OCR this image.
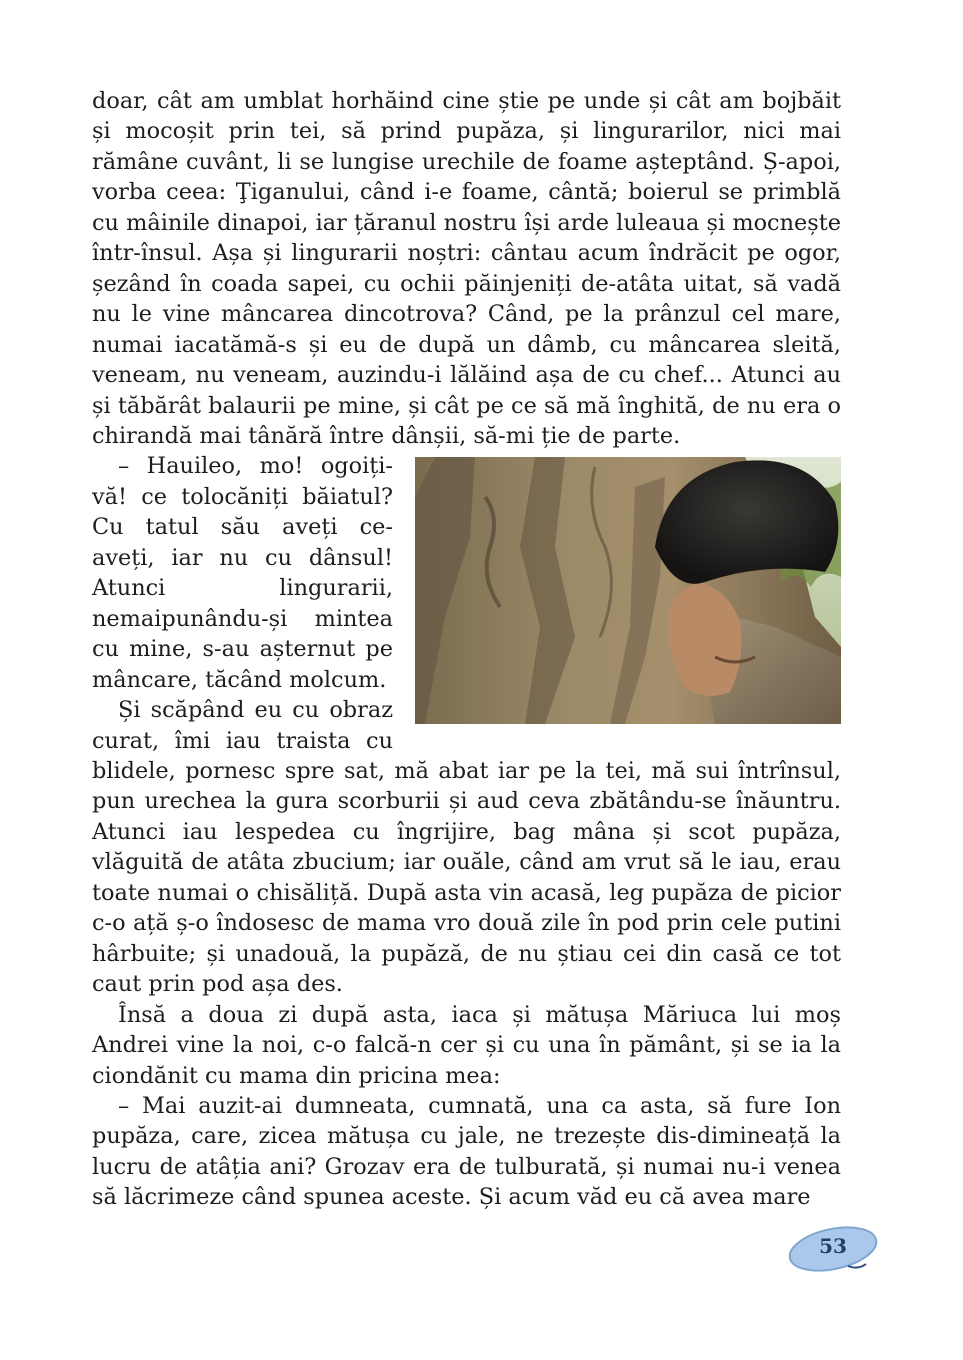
doar, cât am umblat horhăind cine știe pe unde și cât am bojbăit și mocoșit prin tei, să prind pupăza, și lingurarilor, nici mai rămâne cuvânt, li se lungise urechile de foame așteptând. Ș-apoi, vorba ceea: Ţiganului, când i-e foame, cântă; boierul se primblă cu mâinile dinapoi, iar țăranul nostru își arde luleaua și mocnește într-însul. Așa și lingurarii noștri: cântau acum îndrăcit pe ogor, șezând în coada sapei, cu ochii păinjeniți de-atâta uitat, să vadă nu le vine mâncarea dincotrova? Când, pe la prânzul cel mare, numai iacatămă-s și eu de după un dâmb, cu mâncarea sleită, veneam, nu veneam, auzindu-i lălăind așa de cu chef... Atunci au și tăbărât balaurii pe mine, și cât pe ce să mă înghită, de nu era o chirandă mai tânără între dânșii, să-mi ție de parte.

– Hauileo, mo! ogoiți-vă! ce tolocăniți băiatul? Cu tatul său aveți ce-aveți, iar nu cu dânsul! Atunci lingurarii, nemaipunându-și mintea cu mine, s-au așternut pe mâncare, tăcând molcum.

Și scăpând eu cu obraz curat, îmi iau traista cu blidele, pornesc spre sat, mă abat iar pe la tei, mă sui întrînsul, pun urechea la gura scorburii și aud ceva zbătându-se înăuntru. Atunci iau lespedea cu îngrijire, bag mâna și scot pupăza, vlăguită de atâta zbucium; iar ouăle, când am vrut să le iau, erau toate numai o chisăliță. După asta vin acasă, leg pupăza de picior c-o ață ș-o îndosesc de mama vro două zile în pod prin cele putini hârbuite; și unadouă, la pupăză, de nu știau cei din casă ce tot caut prin pod așa des.

Însă a doua zi după asta, iaca și mătușa Măriuca lui moș Andrei vine la noi, c-o falcă-n cer și cu una în pământ, și se ia la ciondănit cu mama din pricina mea:

– Mai auzit-ai dumneata, cumnată, una ca asta, să fure Ion pupăza, care, zicea mătușa cu jale, ne trezește dis-dimineață la lucru de atâția ani? Grozav era de tulburată, și numai nu-i venea să lăcrimeze când spunea aceste. Și acum văd eu că avea mare

53
